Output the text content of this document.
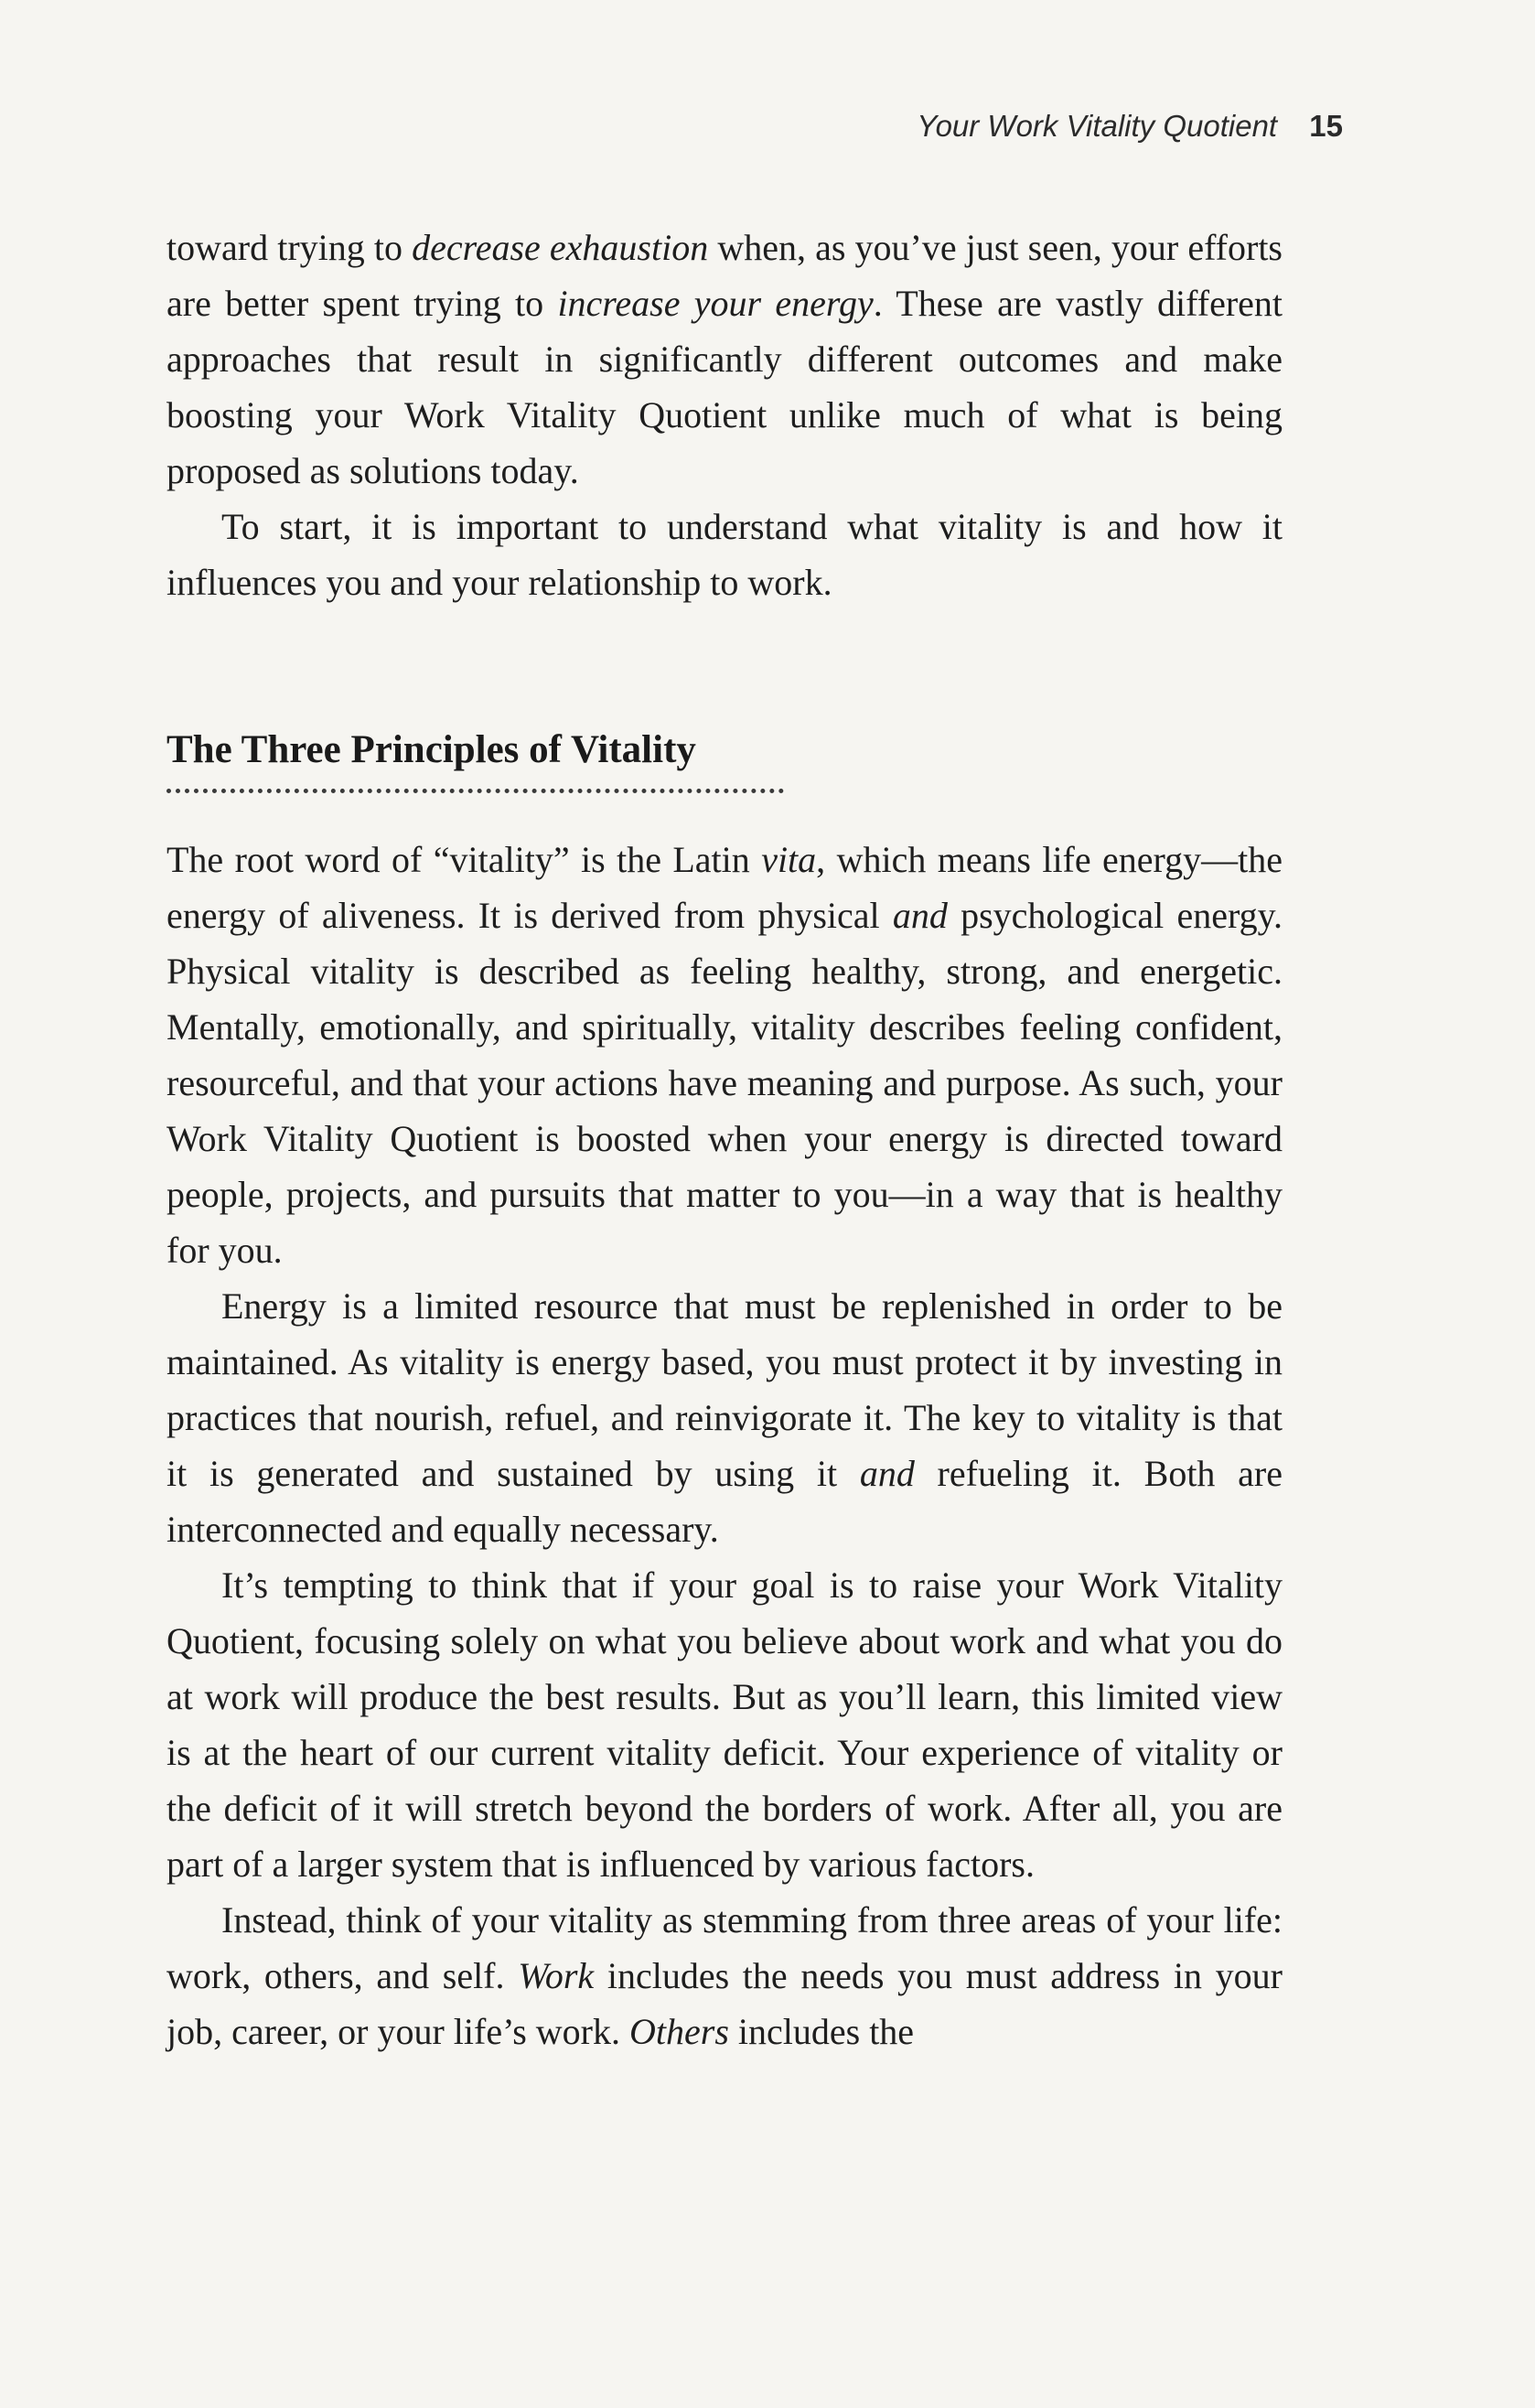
Your Work Vitality Quotient 15

toward trying to decrease exhaustion when, as you’ve just seen, your efforts are better spent trying to increase your energy. These are vastly different approaches that result in significantly different outcomes and make boosting your Work Vitality Quotient unlike much of what is being proposed as solutions today.

To start, it is important to understand what vitality is and how it influences you and your relationship to work.

The Three Principles of Vitality

The root word of “vitality” is the Latin vita, which means life energy—the energy of aliveness. It is derived from physical and psychological energy. Physical vitality is described as feeling healthy, strong, and energetic. Mentally, emotionally, and spiritually, vitality describes feeling confident, resourceful, and that your actions have meaning and purpose. As such, your Work Vitality Quotient is boosted when your energy is directed toward people, projects, and pursuits that matter to you—in a way that is healthy for you.

Energy is a limited resource that must be replenished in order to be maintained. As vitality is energy based, you must protect it by investing in practices that nourish, refuel, and reinvigorate it. The key to vitality is that it is generated and sustained by using it and refueling it. Both are interconnected and equally necessary.

It’s tempting to think that if your goal is to raise your Work Vitality Quotient, focusing solely on what you believe about work and what you do at work will produce the best results. But as you’ll learn, this limited view is at the heart of our current vitality deficit. Your experience of vitality or the deficit of it will stretch beyond the borders of work. After all, you are part of a larger system that is influenced by various factors.

Instead, think of your vitality as stemming from three areas of your life: work, others, and self. Work includes the needs you must address in your job, career, or your life’s work. Others includes the
